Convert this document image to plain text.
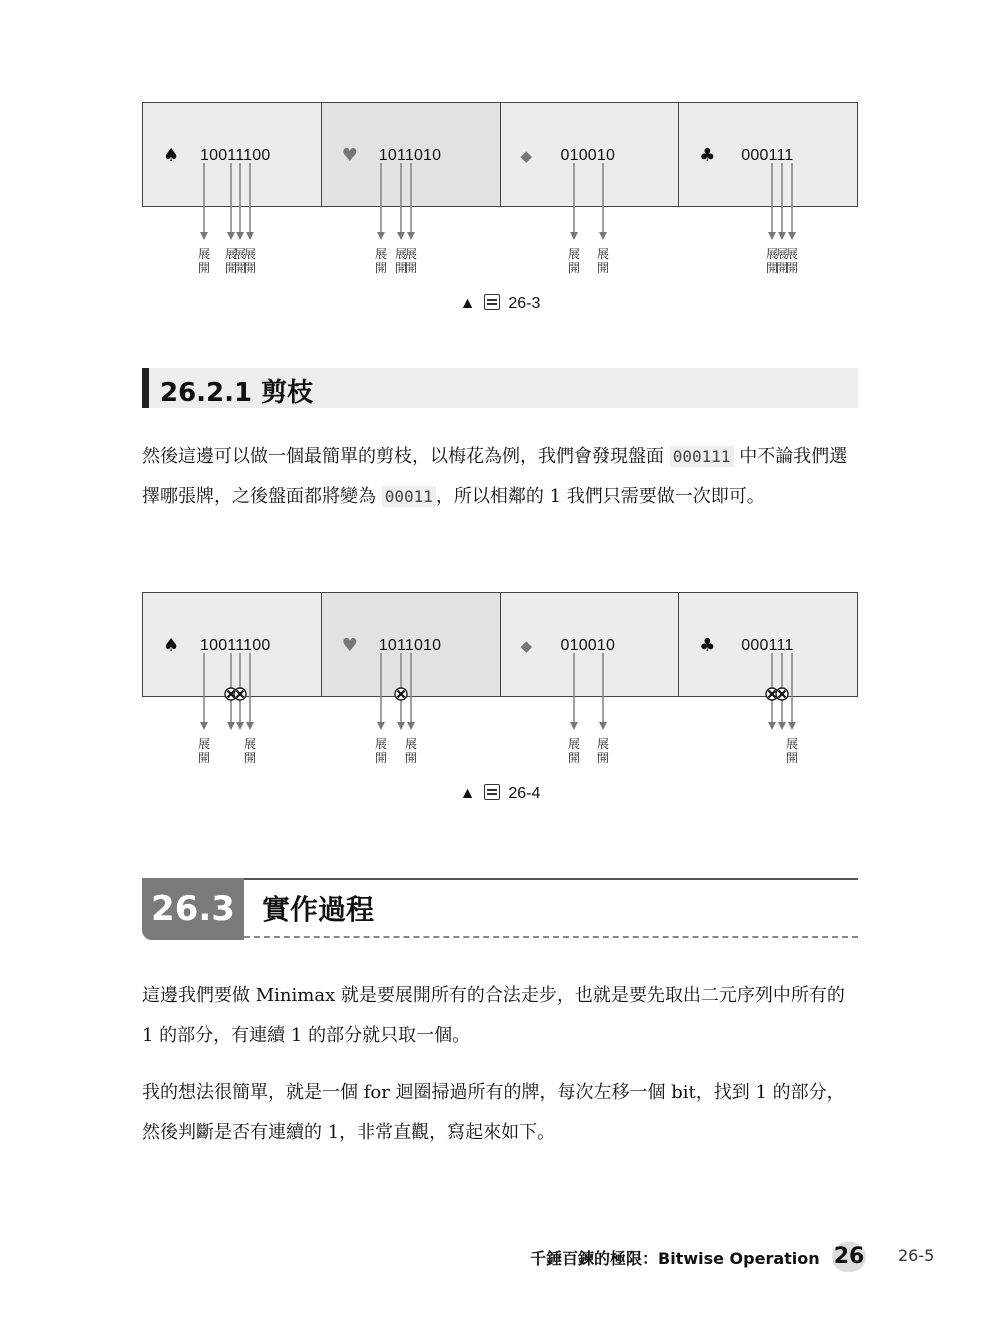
♠ 10011100	♥ 1011010	◆ 010010	♣ 000111
♠ 10011100	♥ 1011010	◆ 010010	♣ 000111
展
開
展
開
展
開
展
開
展
開
展
開
展
開
展
開
展
開
展
開
展
開
展
開
展
開
展
開
展
開
展
開
展
開
展
開
展
開
▲ 26-3
▲ 26-4
26.2.1 剪枝
然後這邊可以做一個最簡單的剪枝，以梅花為例，我們會發現盤面 000111 中不論我們選擇哪張牌，之後盤面都將變為 00011 ，所以相鄰的 1 我們只需要做一次即可。
26.3 實作過程
這邊我們要做 Minimax 就是要展開所有的合法走步，也就是要先取出二元序列中所有的 1 的部分，有連續 1 的部分就只取一個。
我的想法很簡單，就是一個 for 迴圈掃過所有的牌，每次左移一個 bit，找到 1 的部分，然後判斷是否有連續的 1，非常直觀，寫起來如下。
千錘百鍊的極限：Bitwise Operation 26 26-5
